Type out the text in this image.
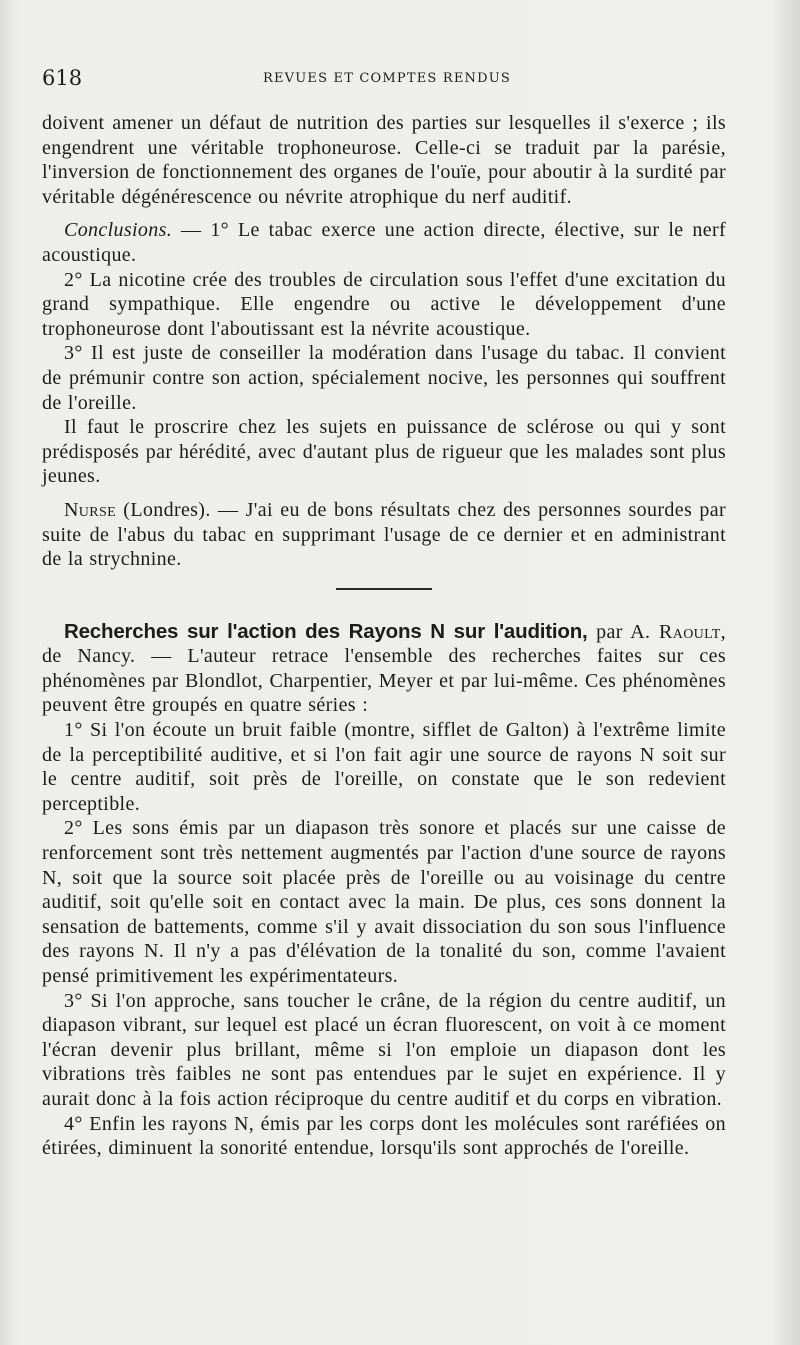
618	REVUES ET COMPTES RENDUS

doivent amener un défaut de nutrition des parties sur lesquelles il s'exerce ; ils engendrent une véritable trophoneurose. Celle-ci se traduit par la parésie, l'inversion de fonctionnement des organes de l'ouïe, pour aboutir à la surdité par véritable dégénérescence ou névrite atrophique du nerf auditif.

Conclusions. — 1° Le tabac exerce une action directe, élective, sur le nerf acoustique.

2° La nicotine crée des troubles de circulation sous l'effet d'une excitation du grand sympathique. Elle engendre ou active le développement d'une trophoneurose dont l'aboutissant est la névrite acoustique.

3° Il est juste de conseiller la modération dans l'usage du tabac. Il convient de prémunir contre son action, spécialement nocive, les personnes qui souffrent de l'oreille.

Il faut le proscrire chez les sujets en puissance de sclérose ou qui y sont prédisposés par hérédité, avec d'autant plus de rigueur que les malades sont plus jeunes.

Nurse (Londres). — J'ai eu de bons résultats chez des personnes sourdes par suite de l'abus du tabac en supprimant l'usage de ce dernier et en administrant de la strychnine.

Recherches sur l'action des Rayons N sur l'audition, par A. Raoult, de Nancy. — L'auteur retrace l'ensemble des recherches faites sur ces phénomènes par Blondlot, Charpentier, Meyer et par lui-même. Ces phénomènes peuvent être groupés en quatre séries :

1° Si l'on écoute un bruit faible (montre, sifflet de Galton) à l'extrême limite de la perceptibilité auditive, et si l'on fait agir une source de rayons N soit sur le centre auditif, soit près de l'oreille, on constate que le son redevient perceptible.

2° Les sons émis par un diapason très sonore et placés sur une caisse de renforcement sont très nettement augmentés par l'action d'une source de rayons N, soit que la source soit placée près de l'oreille ou au voisinage du centre auditif, soit qu'elle soit en contact avec la main. De plus, ces sons donnent la sensation de battements, comme s'il y avait dissociation du son sous l'influence des rayons N. Il n'y a pas d'élévation de la tonalité du son, comme l'avaient pensé primitivement les expérimentateurs.

3° Si l'on approche, sans toucher le crâne, de la région du centre auditif, un diapason vibrant, sur lequel est placé un écran fluorescent, on voit à ce moment l'écran devenir plus brillant, même si l'on emploie un diapason dont les vibrations très faibles ne sont pas entendues par le sujet en expérience. Il y aurait donc à la fois action réciproque du centre auditif et du corps en vibration.

4° Enfin les rayons N, émis par les corps dont les molécules sont raréfiées on étirées, diminuent la sonorité entendue, lorsqu'ils sont approchés de l'oreille.
